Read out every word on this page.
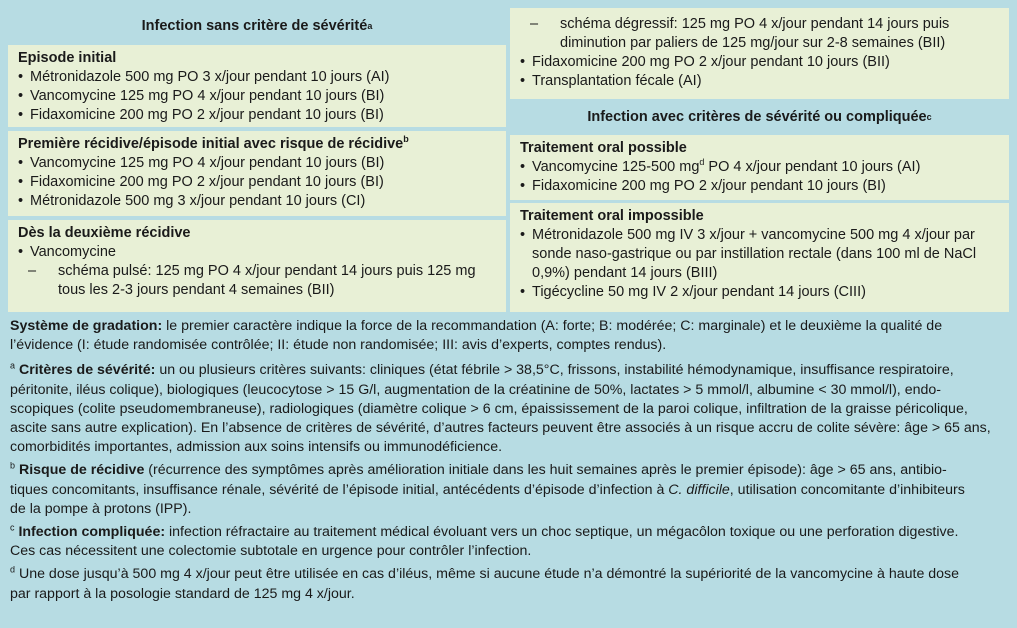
Infection sans critère de sévérité a
Episode initial
• Métronidazole 500 mg PO 3 x/jour pendant 10 jours (AI)
• Vancomycine 125 mg PO 4 x/jour pendant 10 jours (BI)
• Fidaxomicine 200 mg PO 2 x/jour pendant 10 jours (BI)
Première récidive/épisode initial avec risque de récidive$^b$
• Vancomycine 125 mg PO 4 x/jour pendant 10 jours (BI)
• Fidaxomicine 200 mg PO 2 x/jour pendant 10 jours (BI)
• Métronidazole 500 mg 3 x/jour pendant 10 jours (CI)
Dès la deuxième récidive
• Vancomycine
– schéma pulsé: 125 mg PO 4 x/jour pendant 14 jours puis 125 mg
tous les 2-3 jours pendant 4 semaines (BII)
– schéma dégressif: 125 mg PO 4 x/jour pendant 14 jours puis
diminution par paliers de 125 mg/jour sur 2-8 semaines (BII)
• Fidaxomicine 200 mg PO 2 x/jour pendant 10 jours (BII)
• Transplantation fécale (AI)
Infection avec critères de sévérité ou compliquée c
Traitement oral possible
• Vancomycine 125-500 $mg^d$ PO 4 x/jour pendant 10 jours (AI)
• Fidaxomicine 200 mg PO 2 x/jour pendant 10 jours (BI)
Traitement oral impossible
• Métronidazole 500 mg IV 3 x/jour + vancomycine 500 mg 4 x/jour par
sonde naso-gastrique ou par instillation rectale (dans 100 ml de NaCl
0,9%) pendant 14 jours (BIII)
• Tigécycline 50 mg IV 2 x/jour pendant 14 jours (CIII)

Système de gradation: le premier caractère indique la force de la recommandation (A: forte; B: modérée; C: marginale) et le deuxième la qualité de
l’évidence (I: étude randomisée contrôlée; II: étude non randomisée; III: avis d’experts, comptes rendus).

$^a$ Critères de sévérité: un ou plusieurs critères suivants: cliniques (état fébrile > 38,5°C, frissons, instabilité hémodynamique, insuffisance respiratoire,
péritonite, iléus colique), biologiques (leucocytose > 15 G/l, augmentation de la créatinine de 50%, lactates > 5 mmol/l, albumine < 30 mmol/l), endo-
scopiques (colite pseudomembraneuse), radiologiques (diamètre colique > 6 cm, épaississement de la paroi colique, infiltration de la graisse péricolique,
ascite sans autre explication). En l’absence de critères de sévérité, d’autres facteurs peuvent être associés à un risque accru de colite sévère: âge > 65 ans,
comorbidités importantes, admission aux soins intensifs ou immunodéficience.

$^b$ Risque de récidive (récurrence des symptômes après amélioration initiale dans les huit semaines après le premier épisode): âge > 65 ans, antibio-
tiques concomitants, insuffisance rénale, sévérité de l’épisode initial, antécédents d’épisode d’infection à C. difficile, utilisation concomitante d’inhibiteurs
de la pompe à protons (IPP).

$^c$ Infection compliquée: infection réfractaire au traitement médical évoluant vers un choc septique, un mégacôlon toxique ou une perforation digestive.
Ces cas nécessitent une colectomie subtotale en urgence pour contrôler l’infection.

$^d$ Une dose jusqu’à 500 mg 4 x/jour peut être utilisée en cas d’iléus, même si aucune étude n’a démontré la supériorité de la vancomycine à haute dose
par rapport à la posologie standard de 125 mg 4 x/jour.
